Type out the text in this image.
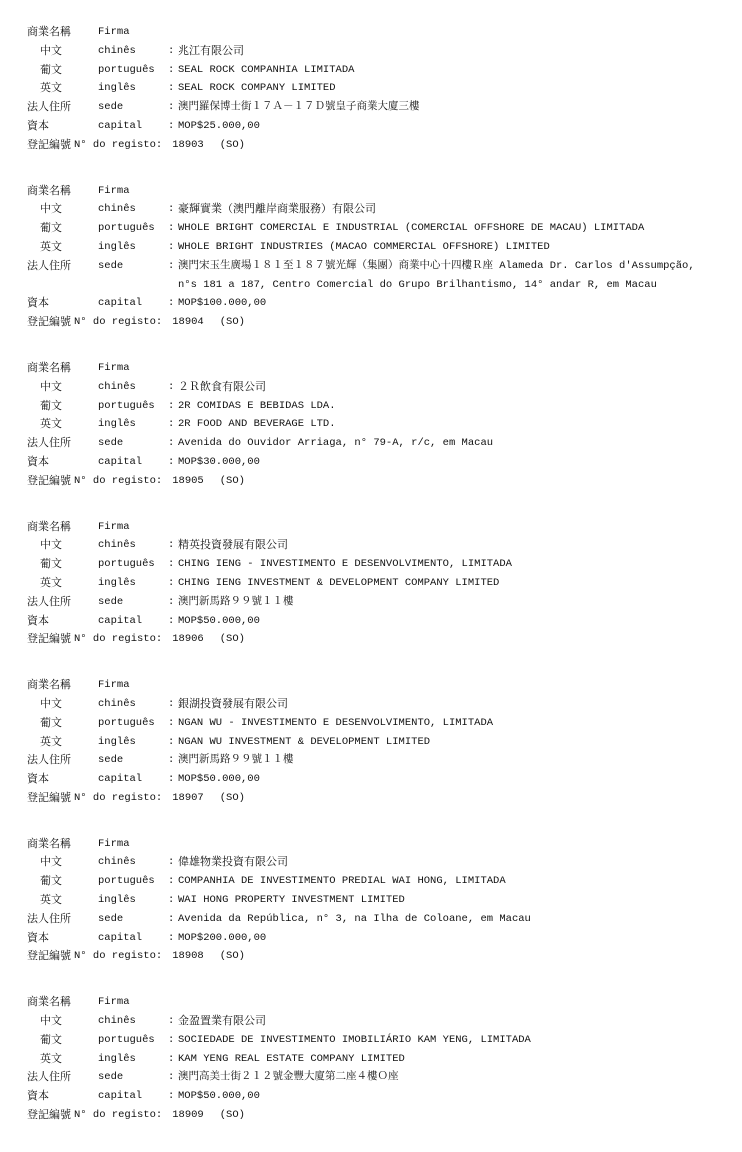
商業名稱	Firma
中文	chinês	: 兆江有限公司
葡文	português	: SEAL ROCK COMPANHIA LIMITADA
英文	inglês	: SEAL ROCK COMPANY LIMITED
法人住所	sede	: 澳門羅保博士街１７Ａ－１７Ｄ號皇子商業大廈三樓
資本	capital	: MOP$25.000,00
登記編號 N° do registo: 18903 (SO)
商業名稱	Firma
中文	chinês	: 豪輝實業（澳門離岸商業服務）有限公司
葡文	português	: WHOLE BRIGHT COMERCIAL E INDUSTRIAL (COMERCIAL OFFSHORE DE MACAU) LIMITADA
英文	inglês	: WHOLE BRIGHT INDUSTRIES (MACAO COMMERCIAL OFFSHORE) LIMITED
法人住所	sede	: 澳門宋玉生廣場１８１至１８７號光輝（集團）商業中心十四樓Ｒ座 Alameda Dr. Carlos d'Assumpção, n°s 181 a 187, Centro Comercial do Grupo Brilhantismo, 14° andar R, em Macau
資本	capital	: MOP$100.000,00
登記編號 N° do registo: 18904 (SO)
商業名稱	Firma
中文	chinês	: ２Ｒ飲食有限公司
葡文	português	: 2R COMIDAS E BEBIDAS LDA.
英文	inglês	: 2R FOOD AND BEVERAGE LTD.
法人住所	sede	: Avenida do Ouvidor Arriaga, n° 79-A, r/c, em Macau
資本	capital	: MOP$30.000,00
登記編號 N° do registo: 18905 (SO)
商業名稱	Firma
中文	chinês	: 精英投資發展有限公司
葡文	português	: CHING IENG - INVESTIMENTO E DESENVOLVIMENTO, LIMITADA
英文	inglês	: CHING IENG INVESTMENT & DEVELOPMENT COMPANY LIMITED
法人住所	sede	: 澳門新馬路９９號１１樓
資本	capital	: MOP$50.000,00
登記編號 N° do registo: 18906 (SO)
商業名稱	Firma
中文	chinês	: 銀湖投資發展有限公司
葡文	português	: NGAN WU - INVESTIMENTO E DESENVOLVIMENTO, LIMITADA
英文	inglês	: NGAN WU INVESTMENT & DEVELOPMENT LIMITED
法人住所	sede	: 澳門新馬路９９號１１樓
資本	capital	: MOP$50.000,00
登記編號 N° do registo: 18907 (SO)
商業名稱	Firma
中文	chinês	: 偉雄物業投資有限公司
葡文	português	: COMPANHIA DE INVESTIMENTO PREDIAL WAI HONG, LIMITADA
英文	inglês	: WAI HONG PROPERTY INVESTMENT LIMITED
法人住所	sede	: Avenida da República, n° 3, na Ilha de Coloane, em Macau
資本	capital	: MOP$200.000,00
登記編號 N° do registo: 18908 (SO)
商業名稱	Firma
中文	chinês	: 金盈置業有限公司
葡文	português	: SOCIEDADE DE INVESTIMENTO IMOBILIÁRIO KAM YENG, LIMITADA
英文	inglês	: KAM YENG REAL ESTATE COMPANY LIMITED
法人住所	sede	: 澳門高美士街２１２號金豐大廈第二座４樓Ｏ座
資本	capital	: MOP$50.000,00
登記編號 N° do registo: 18909 (SO)
